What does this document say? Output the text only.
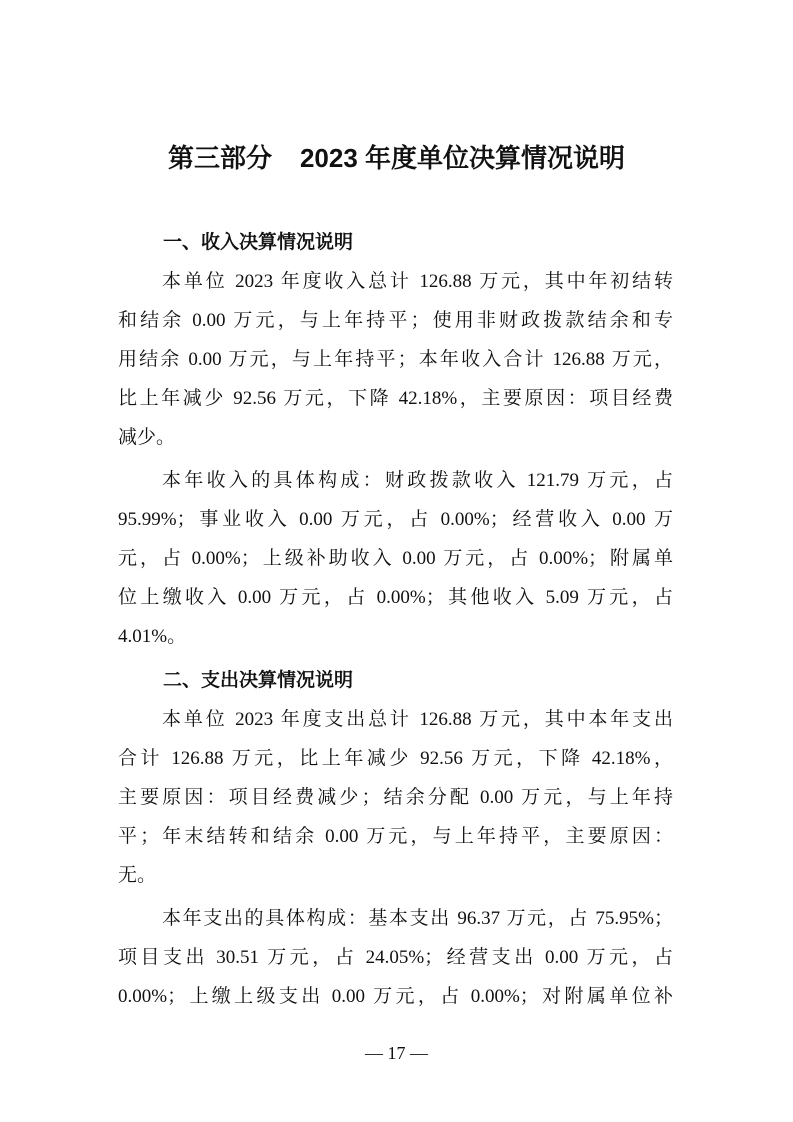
第三部分 2023 年度单位决算情况说明
一、收入决算情况说明
本单位 2023 年度收入总计 126.88 万元，其中年初结转
和结余 0.00 万元，与上年持平；使用非财政拨款结余和专
用结余 0.00 万元，与上年持平；本年收入合计 126.88 万元，
比上年减少 92.56 万元，下降 42.18%，主要原因：项目经费
减少。
本年收入的具体构成：财政拨款收入 121.79 万元，占
95.99%；事业收入 0.00 万元，占 0.00%；经营收入 0.00 万
元，占 0.00%；上级补助收入 0.00 万元，占 0.00%；附属单
位上缴收入 0.00 万元，占 0.00%；其他收入 5.09 万元，占
4.01%。
二、支出决算情况说明
本单位 2023 年度支出总计 126.88 万元，其中本年支出
合计 126.88 万元，比上年减少 92.56 万元，下降 42.18%，
主要原因：项目经费减少；结余分配 0.00 万元，与上年持
平；年末结转和结余 0.00 万元，与上年持平，主要原因：
无。
本年支出的具体构成：基本支出 96.37 万元，占 75.95%；
项目支出 30.51 万元，占 24.05%；经营支出 0.00 万元，占
0.00%；上缴上级支出 0.00 万元，占 0.00%；对附属单位补
— 17 —
